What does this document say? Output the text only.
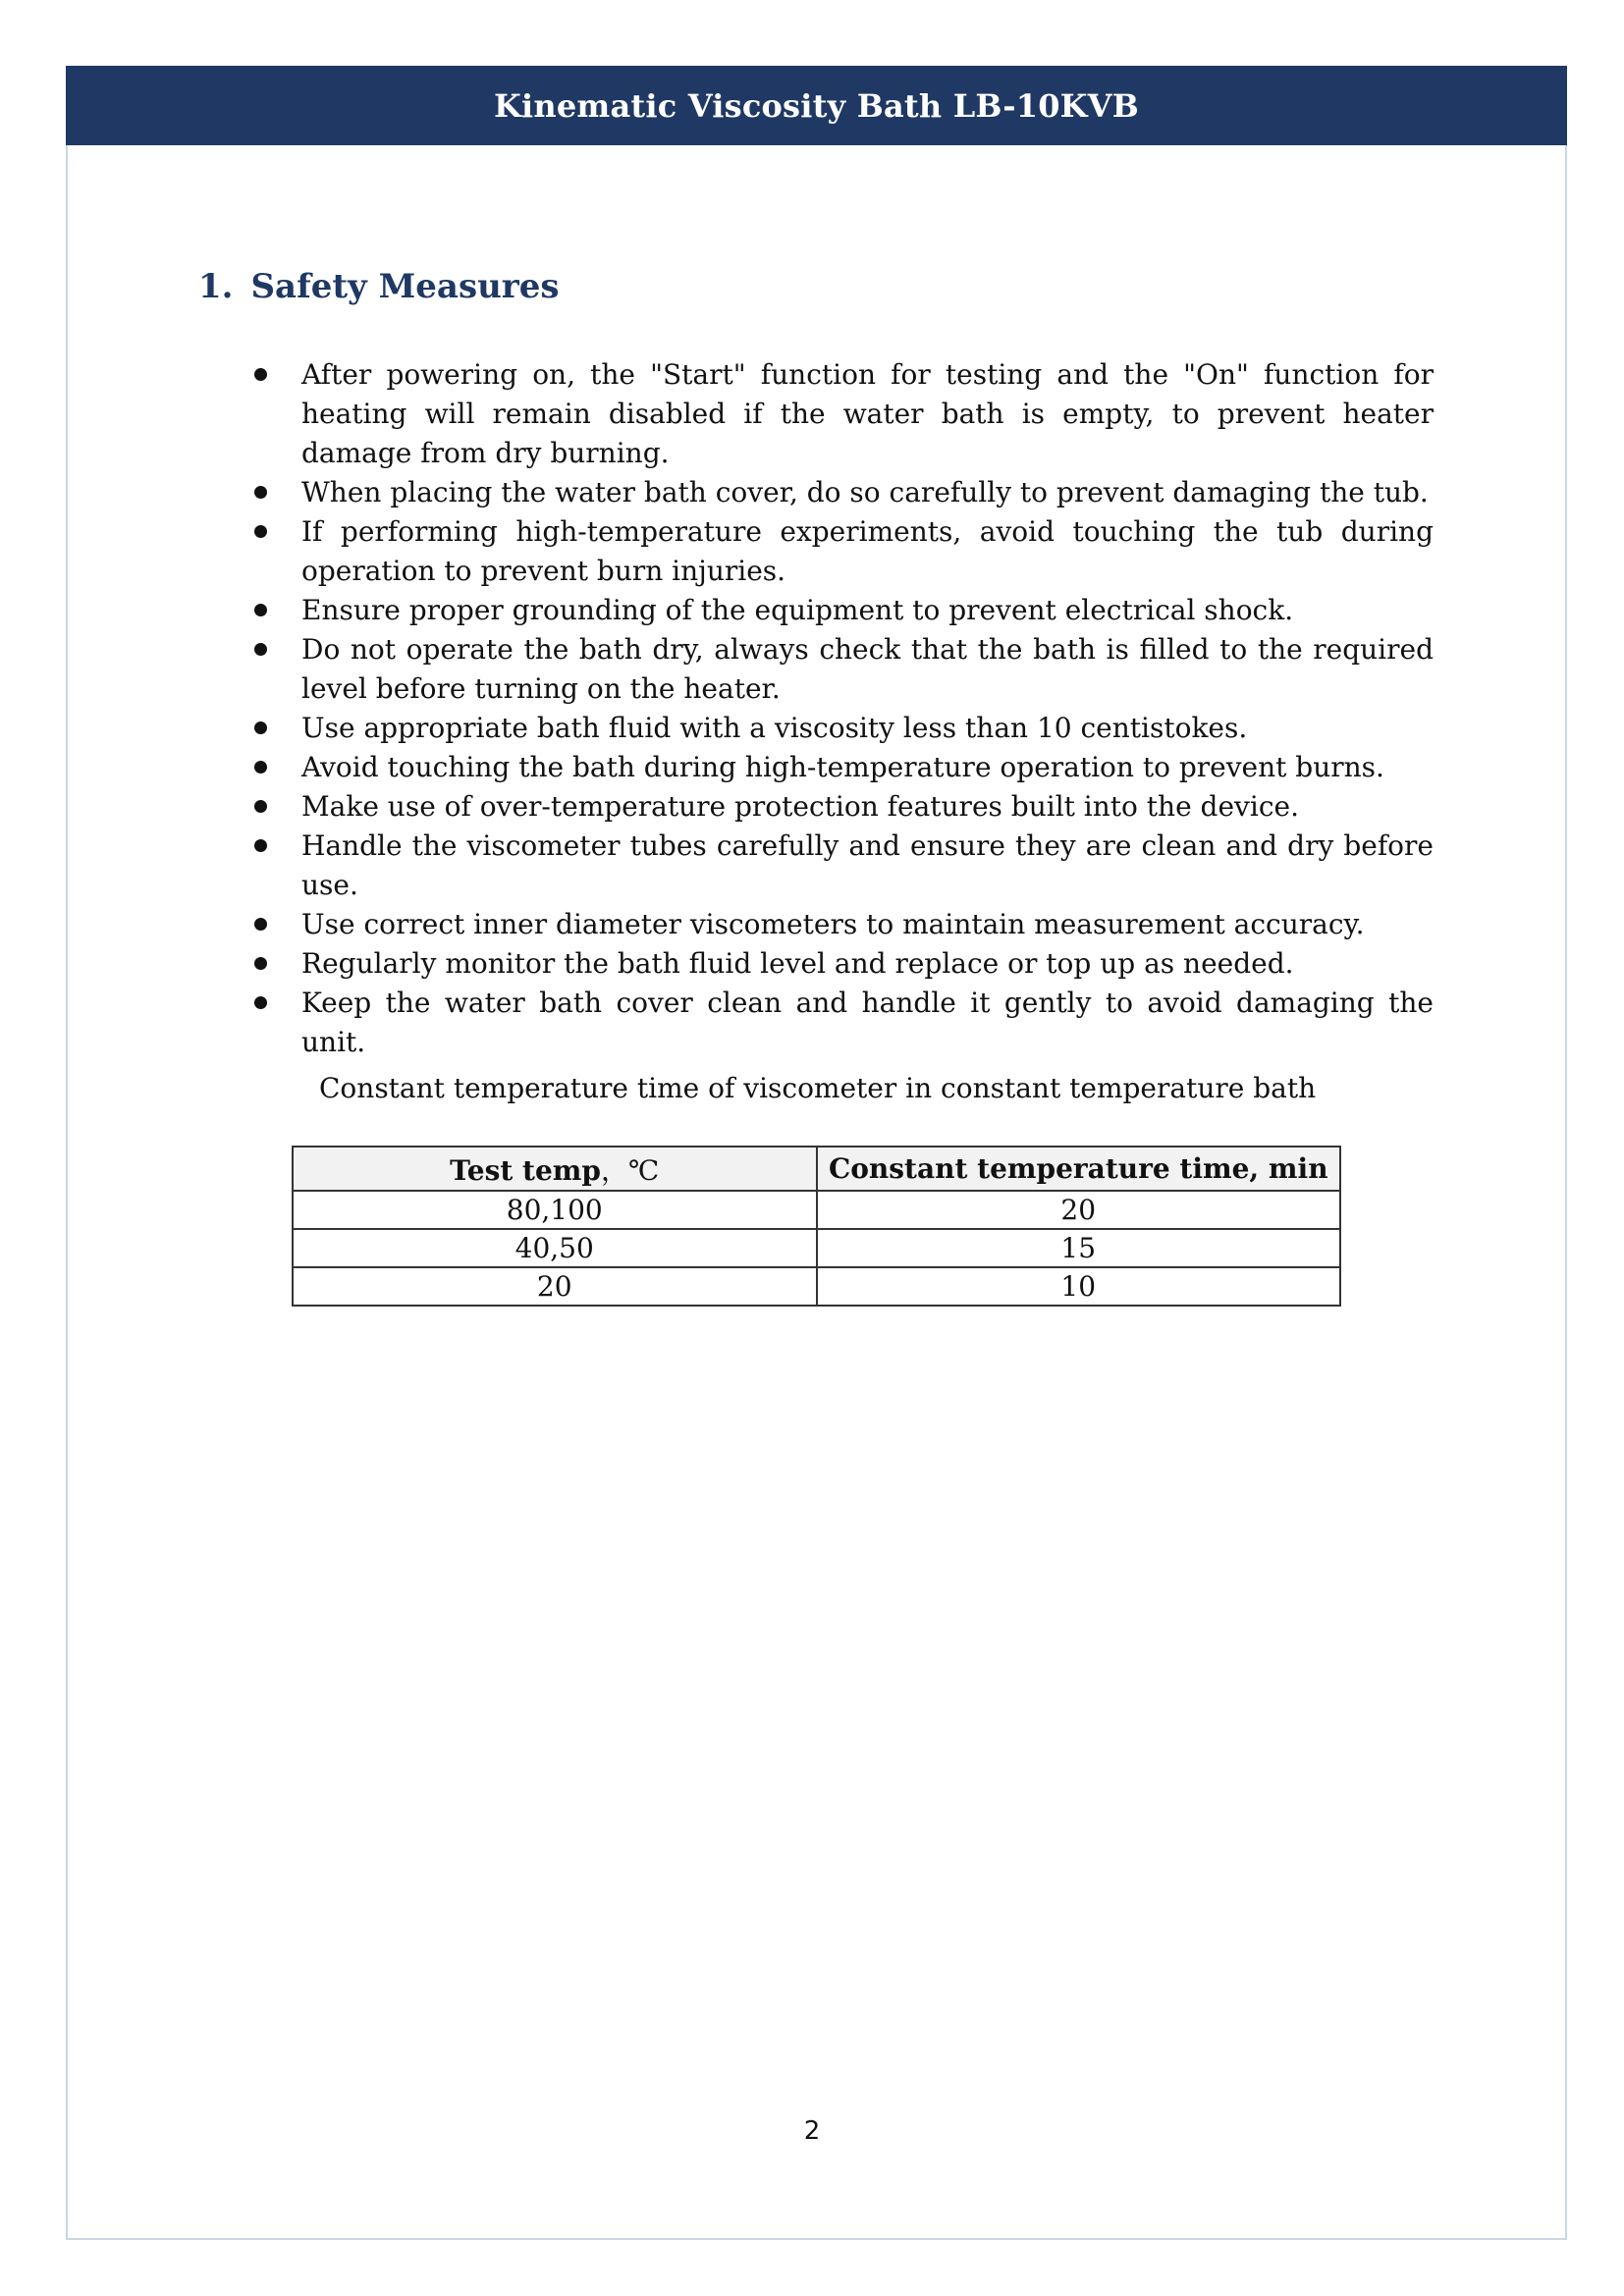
Kinematic Viscosity Bath LB-10KVB
1. Safety Measures
After powering on, the "Start" function for testing and the "On" function for heating will remain disabled if the water bath is empty, to prevent heater damage from dry burning.
When placing the water bath cover, do so carefully to prevent damaging the tub.
If performing high-temperature experiments, avoid touching the tub during operation to prevent burn injuries.
Ensure proper grounding of the equipment to prevent electrical shock.
Do not operate the bath dry, always check that the bath is filled to the required level before turning on the heater.
Use appropriate bath fluid with a viscosity less than 10 centistokes.
Avoid touching the bath during high-temperature operation to prevent burns.
Make use of over-temperature protection features built into the device.
Handle the viscometer tubes carefully and ensure they are clean and dry before use.
Use correct inner diameter viscometers to maintain measurement accuracy.
Regularly monitor the bath fluid level and replace or top up as needed.
Keep the water bath cover clean and handle it gently to avoid damaging the unit.
Constant temperature time of viscometer in constant temperature bath
Test temp，℃	Constant temperature time, min
80,100	20
40,50	15
20	10
2
